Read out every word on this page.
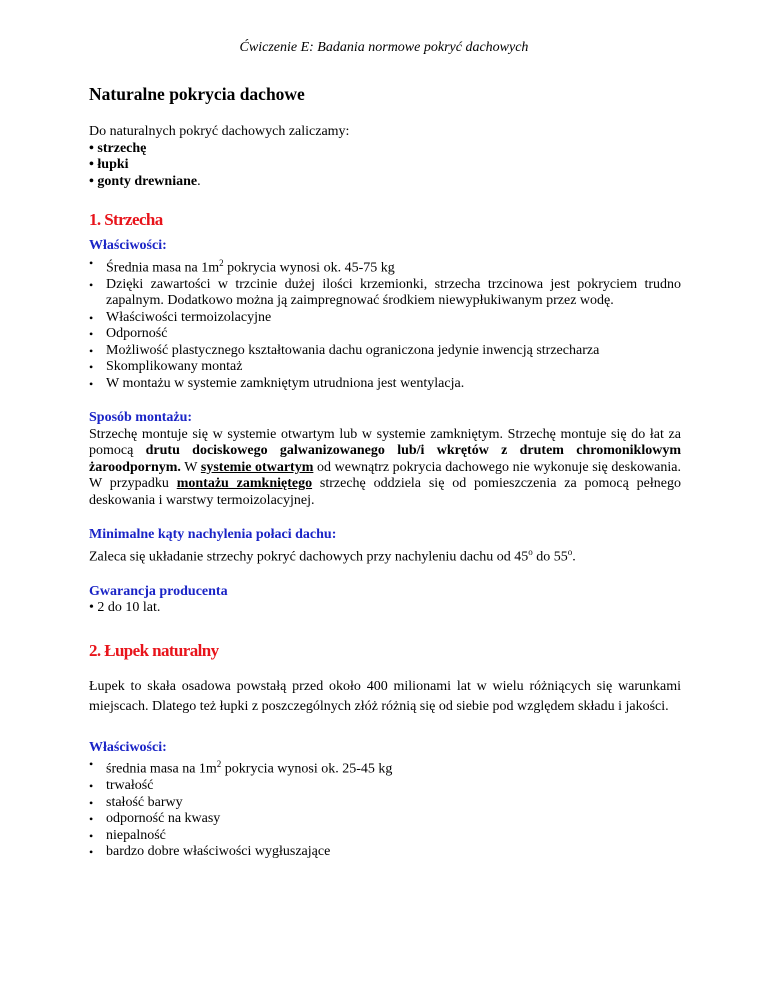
Ćwiczenie E: Badania normowe pokryć dachowych
Naturalne pokrycia dachowe

Do naturalnych pokryć dachowych zaliczamy:

• strzechę

• łupki

• gonty drewniane.

1. Strzecha

Właściwości:

• Średnia masa na $1m^2$ pokrycia wynosi ok. 45-75 kg
• Dzięki zawartości w trzcinie dużej ilości krzemionki, strzecha trzcinowa jest pokryciem trudno zapalnym. Dodatkowo można ją zaimpregnować środkiem niewypłukiwanym przez wodę.
• Właściwości termoizolacyjne
• Odporność
• Możliwość plastycznego kształtowania dachu ograniczona jedynie inwencją strzecharza
• Skomplikowany montaż
• W montażu w systemie zamkniętym utrudniona jest wentylacja.

Sposób montażu:

Strzechę montuje się w systemie otwartym lub w systemie zamkniętym. Strzechę montuje się do łat za pomocą drutu dociskowego galwanizowanego lub/i wkrętów z drutem chromoniklowym żaroodpornym. W systemie otwartym od wewnątrz pokrycia dachowego nie wykonuje się deskowania. W przypadku montażu zamkniętego strzechę oddziela się od pomieszczenia za pomocą pełnego deskowania i warstwy termoizolacyjnej.

Minimalne kąty nachylenia połaci dachu:

Zaleca się układanie strzechy pokryć dachowych przy nachyleniu dachu od 45$^o$ do 55$^o$.

Gwarancja producenta

• 2 do 10 lat.

2. Łupek naturalny

Łupek to skała osadowa powstałą przed około 400 milionami lat w wielu różniących się warunkami miejscach. Dlatego też łupki z poszczególnych złóż różnią się od siebie pod względem składu i jakości.

Właściwości:

• średnia masa na $1m^2$ pokrycia wynosi ok. 25-45 kg
• trwałość
• stałość barwy
• odporność na kwasy
• niepalność
• bardzo dobre właściwości wygłuszające
